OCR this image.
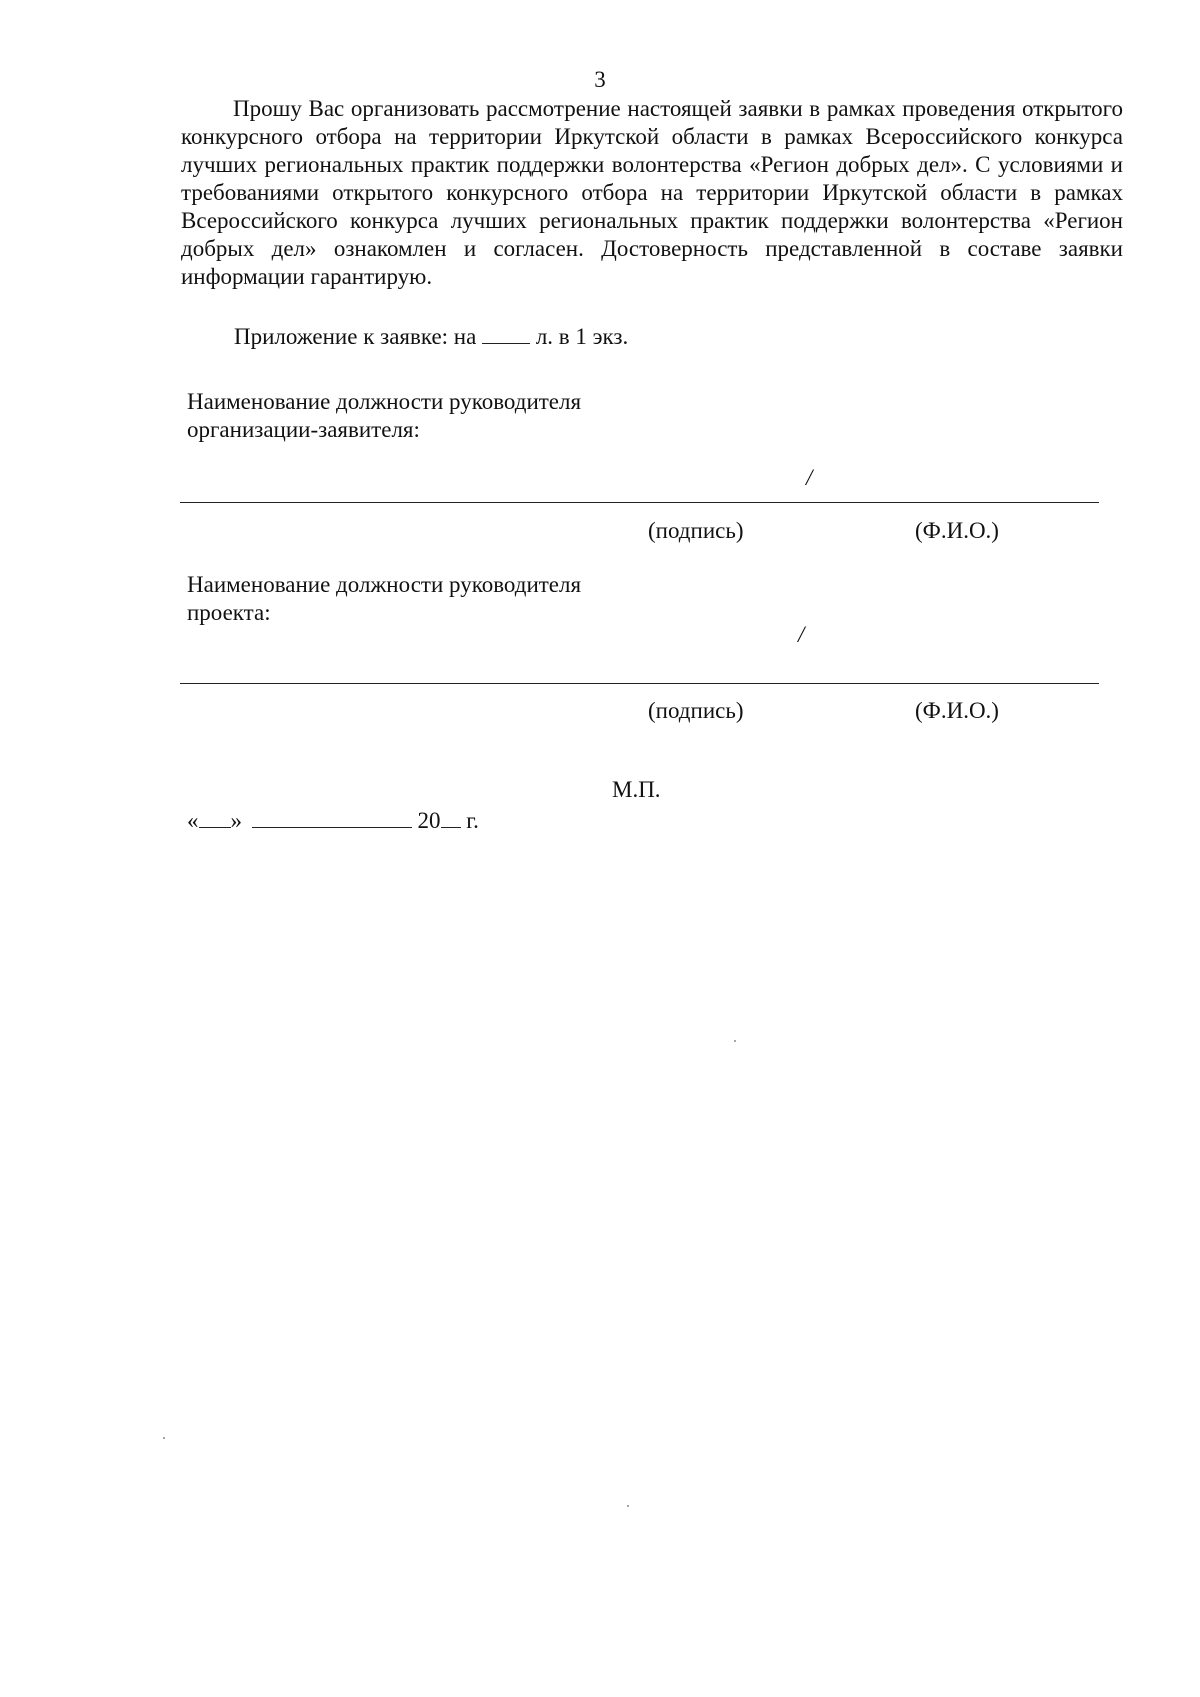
3

Прошу Вас организовать рассмотрение настоящей заявки в рамках проведения открытого конкурсного отбора на территории Иркутской области в рамках Всероссийского конкурса лучших региональных практик поддержки волонтерства «Регион добрых дел». С условиями и требованиями открытого конкурсного отбора на территории Иркутской области в рамках Всероссийского конкурса лучших региональных практик поддержки волонтерства «Регион добрых дел» ознакомлен и согласен. Достоверность представленной в составе заявки информации гарантирую.

Приложение к заявке: на	л. в 1 экз.
Наименование должности руководителя
организации-заявителя:
/
(подпись)	(Ф.И.О.)
Наименование должности руководителя
проекта:
/
(подпись)	(Ф.И.О.)
М.П.
« »	20 г.
